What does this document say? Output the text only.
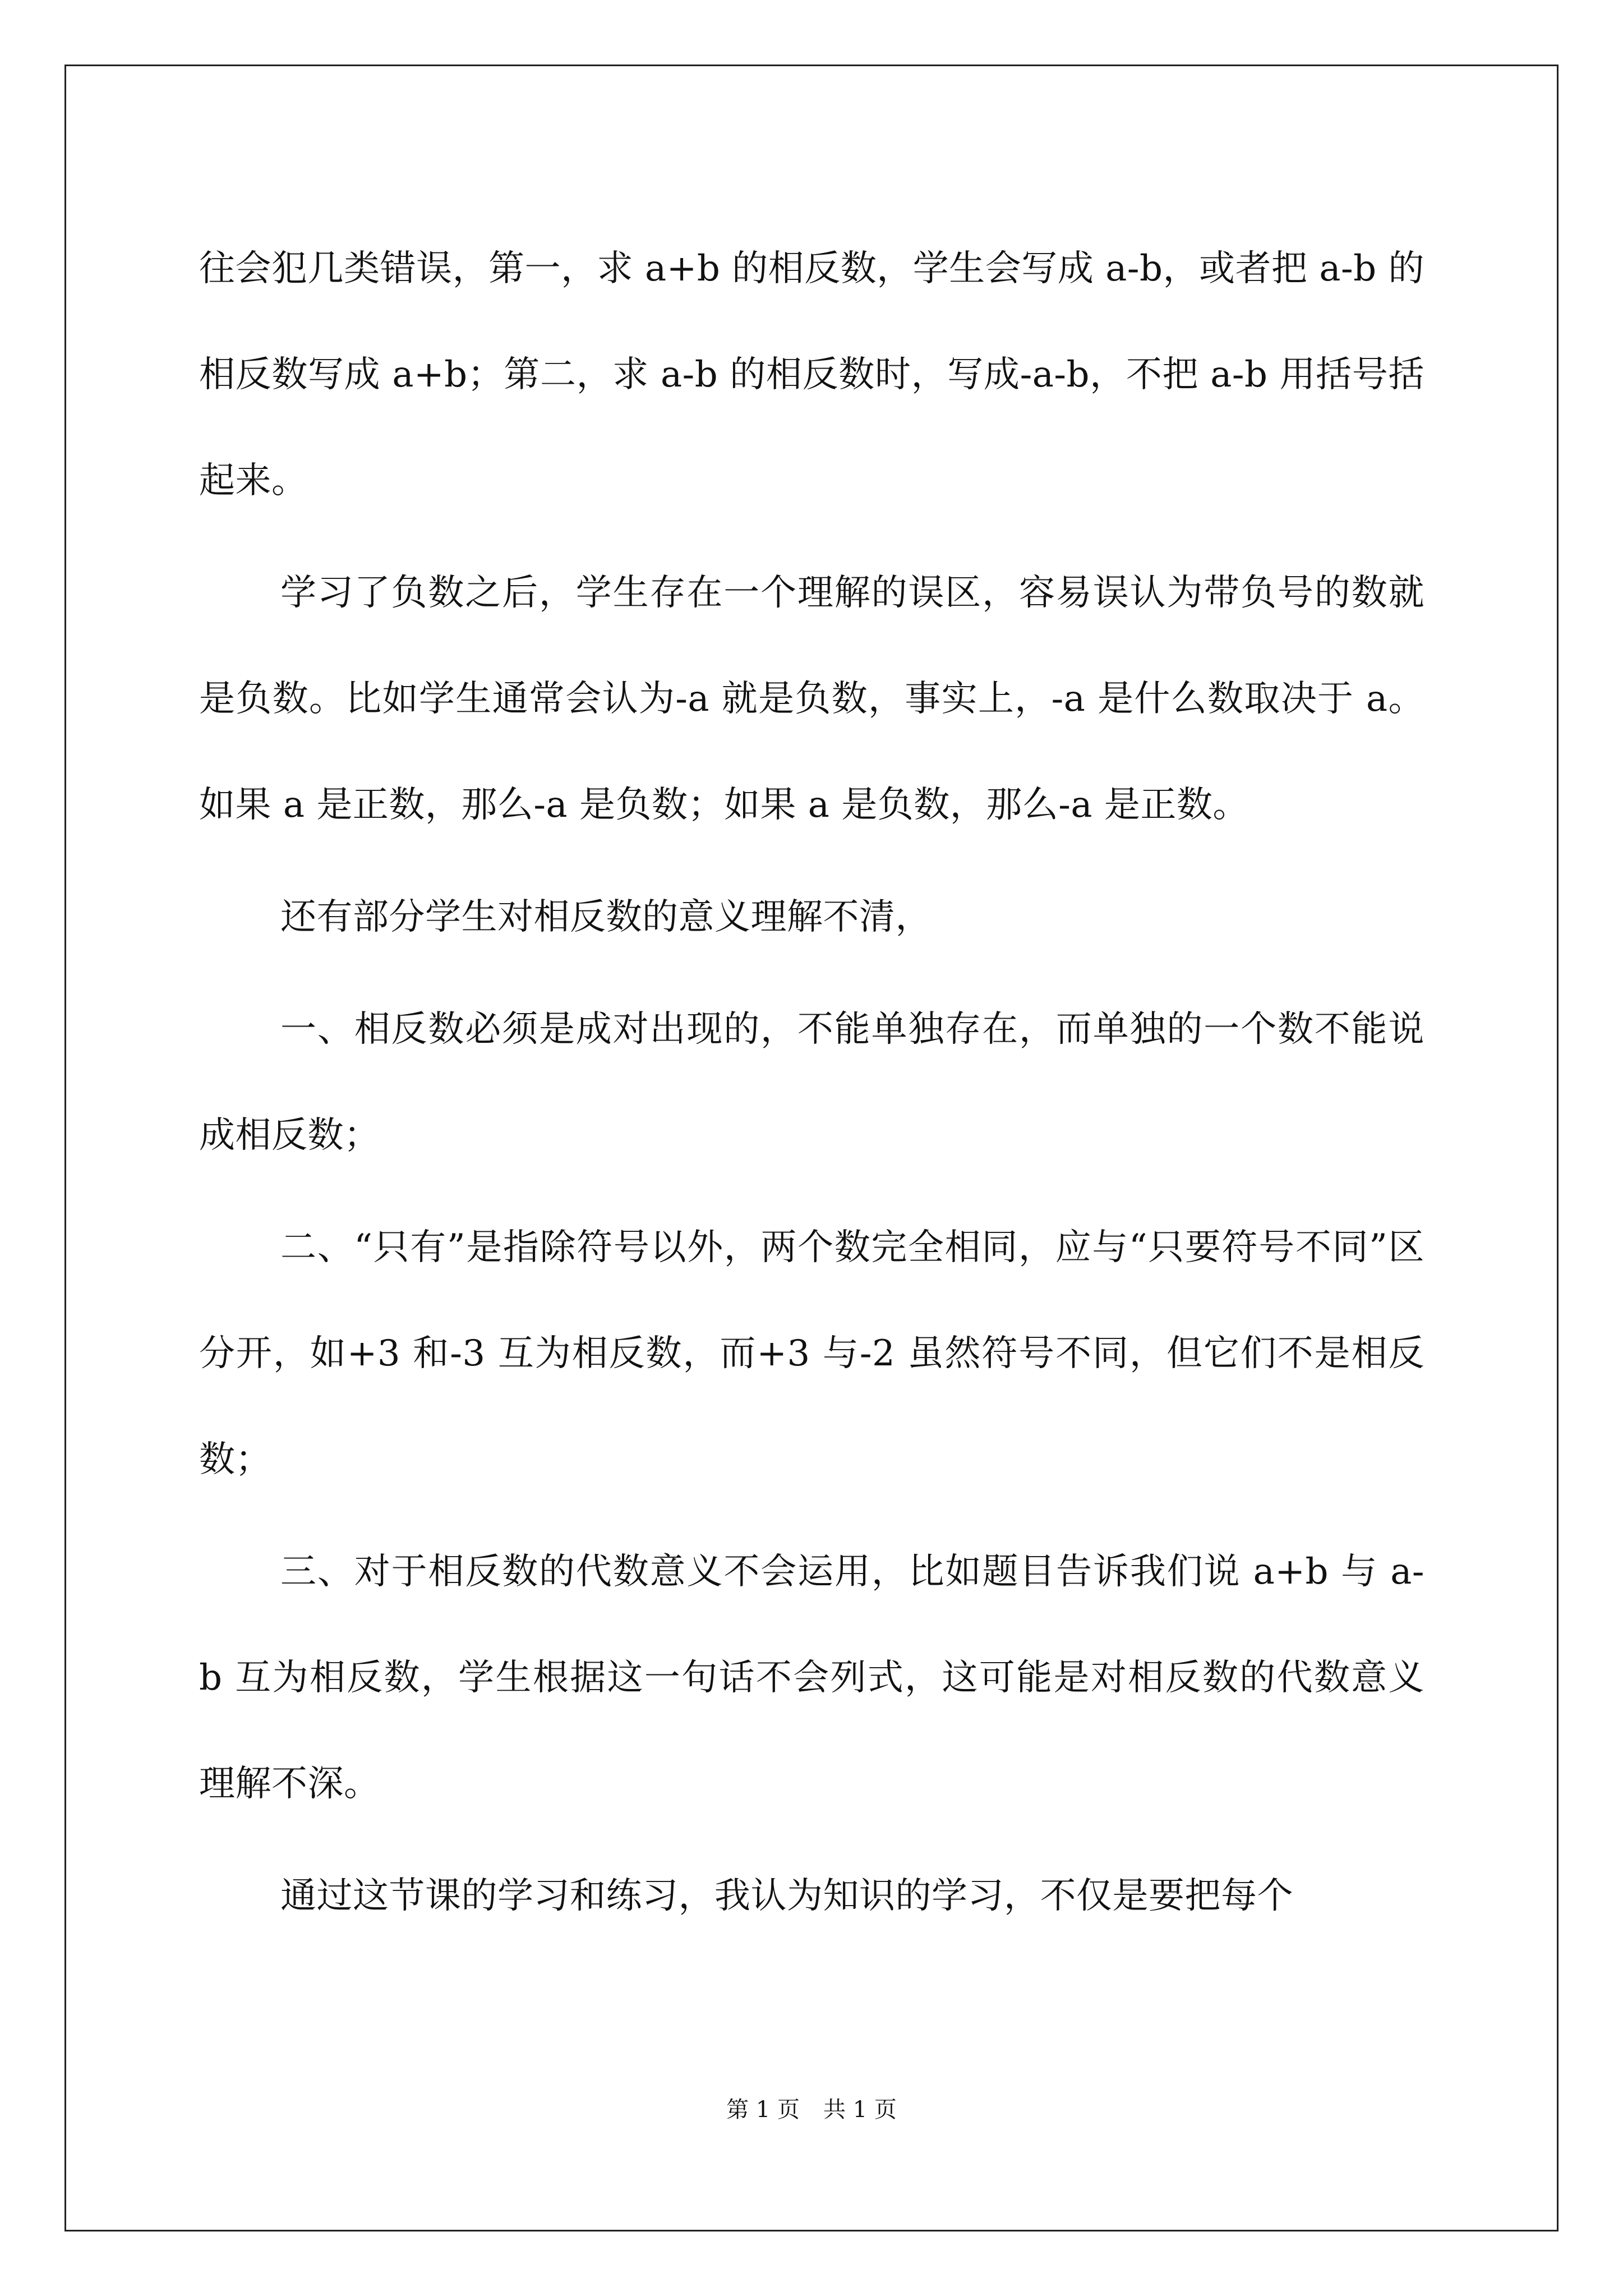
往会犯几类错误，第一，求 a+b 的相反数，学生会写成 a-b，或者把 a-b 的相反数写成 a+b；第二，求 a-b 的相反数时，写成-a-b，不把 a-b 用括号括起来。

学习了负数之后，学生存在一个理解的误区，容易误认为带负号的数就是负数。比如学生通常会认为-a 就是负数，事实上，-a 是什么数取决于 a。如果 a 是正数，那么-a 是负数；如果 a 是负数，那么-a 是正数。

还有部分学生对相反数的意义理解不清，

一、相反数必须是成对出现的，不能单独存在，而单独的一个数不能说成相反数；

二、“只有”是指除符号以外，两个数完全相同，应与“只要符号不同”区分开，如+3 和-3 互为相反数，而+3 与-2 虽然符号不同，但它们不是相反数；

三、对于相反数的代数意义不会运用，比如题目告诉我们说 a+b 与 a-b 互为相反数，学生根据这一句话不会列式，这可能是对相反数的代数意义理解不深。

通过这节课的学习和练习，我认为知识的学习，不仅是要把每个

第 1 页 共 1 页
